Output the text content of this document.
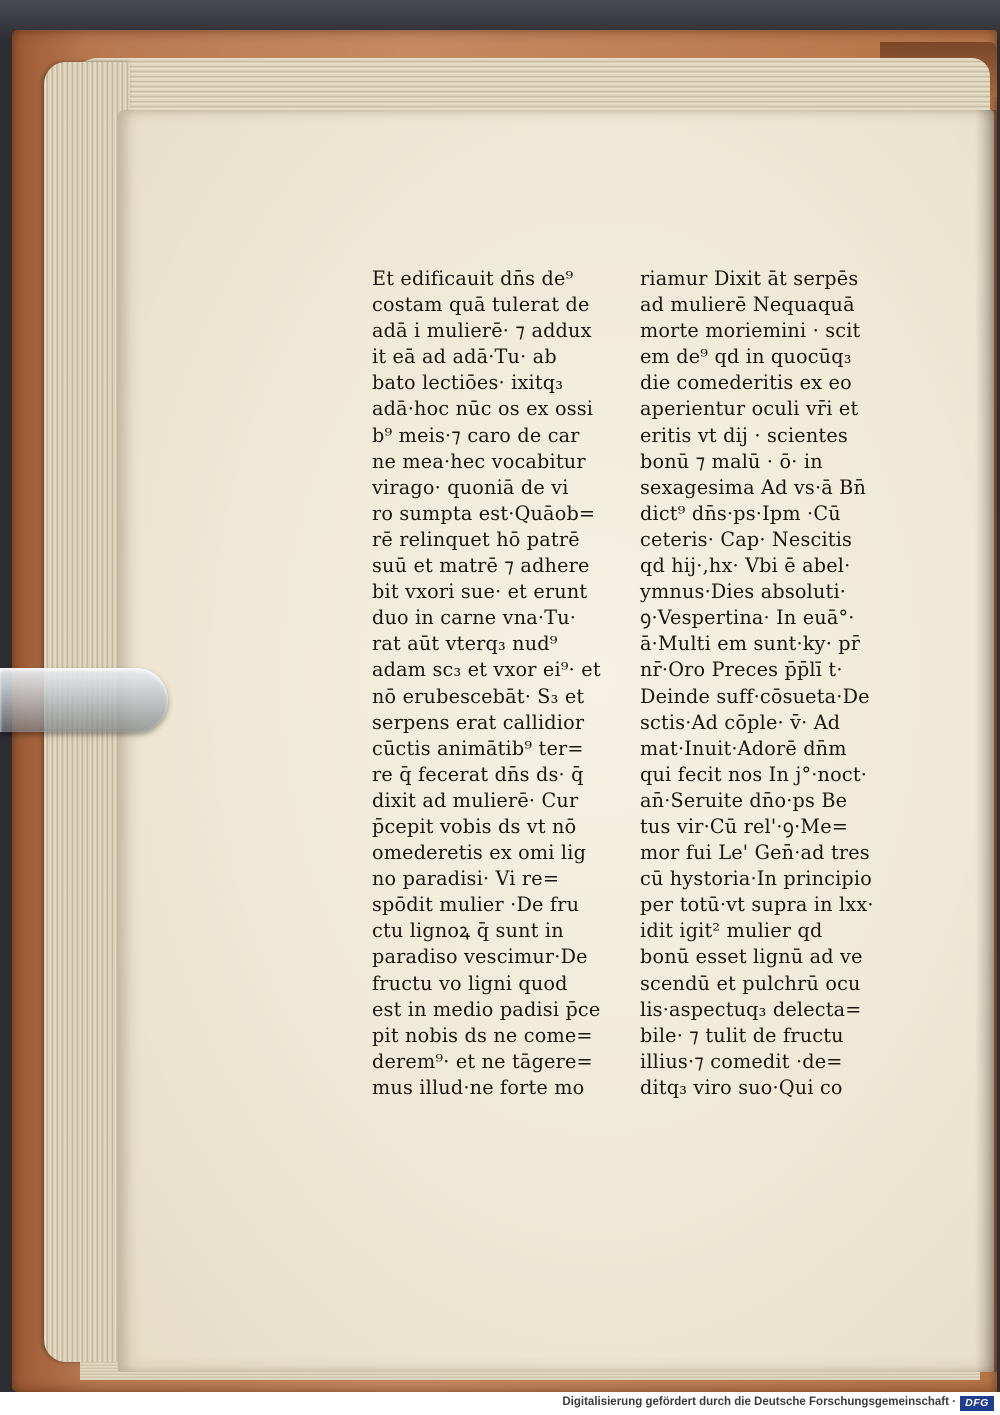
Et edificauit dn̄s de⁹
costam quā tulerat de
adā i mulierē· ⁊ addux
it eā ad adā·Tu· ab
bato lectiōes· ixitq₃
adā·hoc nūc os ex ossi
b⁹ meis·⁊ caro de car
ne mea·hec vocabitur
virago· quoniā de vi
ro sumpta est·Quāob=
rē relinquet hō patrē
suū et matrē ⁊ adhere
bit vxori sue· et erunt
duo in carne vna·Tu·
rat aūt vterq₃ nud⁹
adam sc₃ et vxor ei⁹· et
nō erubescebāt· S₃ et
serpens erat callidior
cūctis animātib⁹ ter=
re q̄ fecerat dn̄s ds· q̄
dixit ad mulierē· Cur
p̄cepit vobis ds vt nō
omederetis ex omi lig
no paradisi· Vi re=
spōdit mulier ·De fru
ctu lignoꝝ q̄ sunt in
paradiso vescimur·De
fructu vo ligni quod
est in medio padisi p̄ce
pit nobis ds ne come=
derem⁹· et ne tāgere=
mus illud·ne forte mo
riamur Dixit āt serpēs
ad mulierē Nequaquā
morte moriemini · scit
em de⁹ qd in quocūq₃
die comederitis ex eo
aperientur oculi vr̄i et
eritis vt dij · scientes
bonū ⁊ malū · ō· in
sexagesima Ad vs·ā Bn̄
dict⁹ dn̄s·ps·Ipm ·Cū
ceteris· Cap· Nescitis
qd hij·,hx· Vbi ē abel·
ymnus·Dies absoluti·
ꝯ·Vespertina· In euā°·
ā·Multi em sunt·ky· pr̄
nr̄·Oro Preces p̄p̄lī t·
Deinde suff·cōsueta·De
sctis·Ad cōple· v̄· Ad
mat·Inuit·Adorē dn̄m
qui fecit nos In j°·noct·
an̄·Seruite dn̄o·ps Be
tus vir·Cū rel'·ꝯ·Me=
mor fui Le' Gen̄·ad tres
cū hystoria·In principio
per totū·vt supra in lxx·
idit igit² mulier qd
bonū esset lignū ad ve
scendū et pulchrū ocu
lis·aspectuq₃ delecta=
bile· ⁊ tulit de fructu
illius·⁊ comedit ·de=
ditq₃ viro suo·Qui co
Digitalisierung gefördert durch die Deutsche Forschungsgemeinschaft · DFG
